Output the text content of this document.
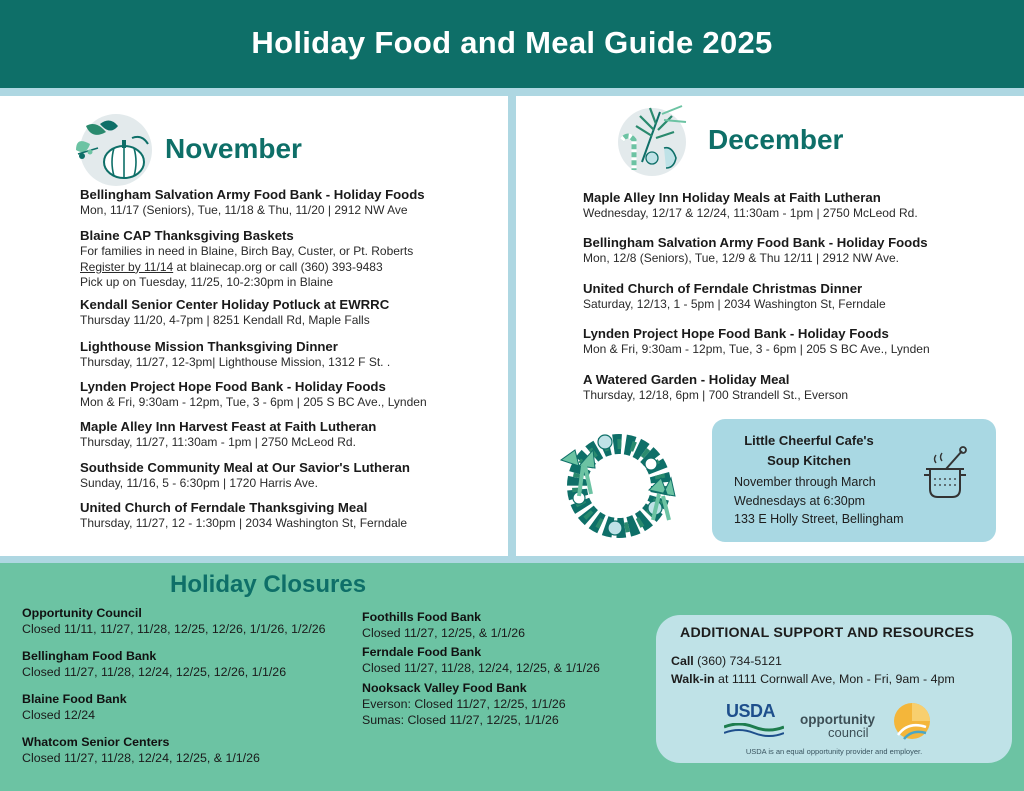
Holiday Food and Meal Guide 2025
November
Bellingham Salvation Army Food Bank - Holiday Foods
Mon, 11/17 (Seniors), Tue, 11/18 & Thu, 11/20 | 2912 NW Ave
Blaine CAP Thanksgiving Baskets
For families in need in Blaine, Birch Bay, Custer, or Pt. Roberts
Register by 11/14 at blainecap.org or call (360) 393-9483
Pick up on Tuesday, 11/25, 10-2:30pm in Blaine
Kendall Senior Center Holiday Potluck at EWRRC
Thursday 11/20, 4-7pm | 8251 Kendall Rd, Maple Falls
Lighthouse Mission Thanksgiving Dinner
Thursday, 11/27, 12-3pm| Lighthouse Mission, 1312 F St. .
Lynden Project Hope Food Bank - Holiday Foods
Mon & Fri, 9:30am - 12pm, Tue, 3 - 6pm | 205 S BC Ave., Lynden
Maple Alley Inn Harvest Feast at Faith Lutheran
Thursday, 11/27, 11:30am - 1pm | 2750 McLeod Rd.
Southside Community Meal at Our Savior's Lutheran
Sunday, 11/16, 5 - 6:30pm | 1720 Harris Ave.
United Church of Ferndale Thanksgiving Meal
Thursday, 11/27, 12 - 1:30pm | 2034 Washington St, Ferndale
December
Maple Alley Inn Holiday Meals at Faith Lutheran
Wednesday, 12/17 & 12/24, 11:30am - 1pm | 2750 McLeod Rd.
Bellingham Salvation Army Food Bank - Holiday Foods
Mon, 12/8 (Seniors), Tue, 12/9 & Thu 12/11 | 2912 NW Ave.
United Church of Ferndale Christmas Dinner
Saturday, 12/13, 1 - 5pm | 2034 Washington St, Ferndale
Lynden Project Hope Food Bank - Holiday Foods
Mon & Fri, 9:30am - 12pm, Tue, 3 - 6pm | 205 S BC Ave., Lynden
A Watered Garden - Holiday Meal
Thursday, 12/18, 6pm | 700 Strandell St., Everson
Little Cheerful Cafe's
Soup Kitchen
November through March
Wednesdays at 6:30pm
133 E Holly Street, Bellingham
Holiday Closures
Opportunity Council
Closed 11/11, 11/27, 11/28, 12/25, 12/26, 1/1/26, 1/2/26
Bellingham Food Bank
Closed 11/27, 11/28, 12/24, 12/25, 12/26, 1/1/26
Blaine Food Bank
Closed 12/24
Whatcom Senior Centers
Closed 11/27, 11/28, 12/24, 12/25, & 1/1/26
Foothills Food Bank
Closed 11/27, 12/25, & 1/1/26
Ferndale Food Bank
Closed 11/27, 11/28, 12/24, 12/25, & 1/1/26
Nooksack Valley Food Bank
Everson: Closed 11/27, 12/25, 1/1/26
Sumas: Closed 11/27, 12/25, 1/1/26
ADDITIONAL SUPPORT AND RESOURCES
Call (360) 734-5121
Walk-in at 1111 Cornwall Ave, Mon - Fri, 9am - 4pm
USDA opportunity
council
USDA is an equal opportunity provider and employer.
